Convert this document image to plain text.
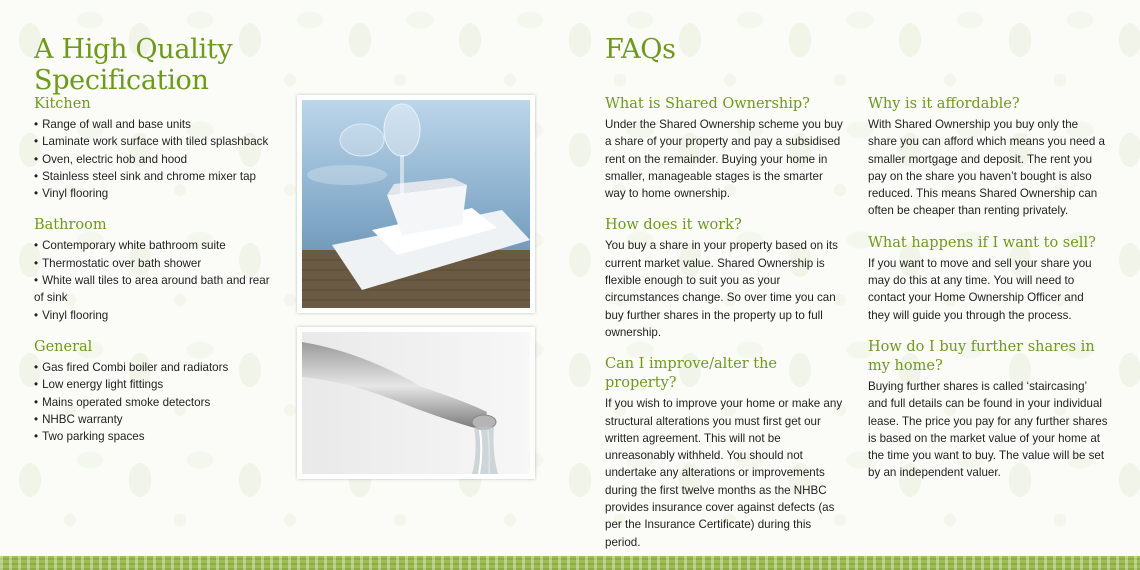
A High Quality Specification
Kitchen
• Range of wall and base units
• Laminate work surface with tiled splashback
• Oven, electric hob and hood
• Stainless steel sink and chrome mixer tap
• Vinyl flooring
Bathroom
• Contemporary white bathroom suite
• Thermostatic over bath shower
• White wall tiles to area around bath and rear of sink
• Vinyl flooring
General
• Gas fired Combi boiler and radiators
• Low energy light fittings
• Mains operated smoke detectors
• NHBC warranty
• Two parking spaces
FAQs
What is Shared Ownership?

Under the Shared Ownership scheme you buy a share of your property and pay a subsidised rent on the remainder. Buying your home in smaller, manageable stages is the smarter way to home ownership.

How does it work?

You buy a share in your property based on its current market value. Shared Ownership is flexible enough to suit you as your circumstances change. So over time you can buy further shares in the property up to full ownership.

Can I improve/alter the property?

If you wish to improve your home or make any structural alterations you must first get our written agreement. This will not be unreasonably withheld. You should not undertake any alterations or improvements during the first twelve months as the NHBC provides insurance cover against defects (as per the Insurance Certificate) during this period.

Why is it affordable?

With Shared Ownership you buy only the share you can afford which means you need a smaller mortgage and deposit. The rent you pay on the share you haven’t bought is also reduced. This means Shared Ownership can often be cheaper than renting privately.

What happens if I want to sell?

If you want to move and sell your share you may do this at any time. You will need to contact your Home Ownership Officer and they will guide you through the process.

How do I buy further shares in my home?

Buying further shares is called ‘staircasing’ and full details can be found in your individual lease. The price you pay for any further shares is based on the market value of your home at the time you want to buy. The value will be set by an independent valuer.
